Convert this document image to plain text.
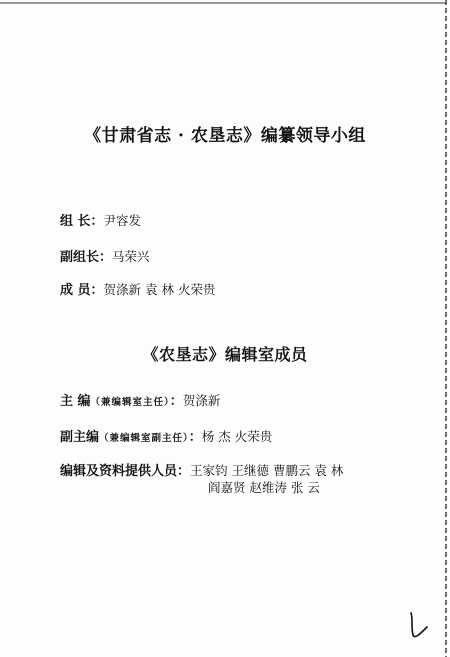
《甘肃省志 · 农垦志》编纂领导小组
组 长：尹容发
副组长：马荣兴
成 员：贺涤新 袁 林 火荣贵
《农垦志》编辑室成员
主 编（兼编辑室主任）：贺涤新
副主编（兼编辑室副主任）：杨 杰 火荣贵
编辑及资料提供人员：王家钧 王继德 曹鹏云 袁 林
阎嘉贤 赵维涛 张 云
